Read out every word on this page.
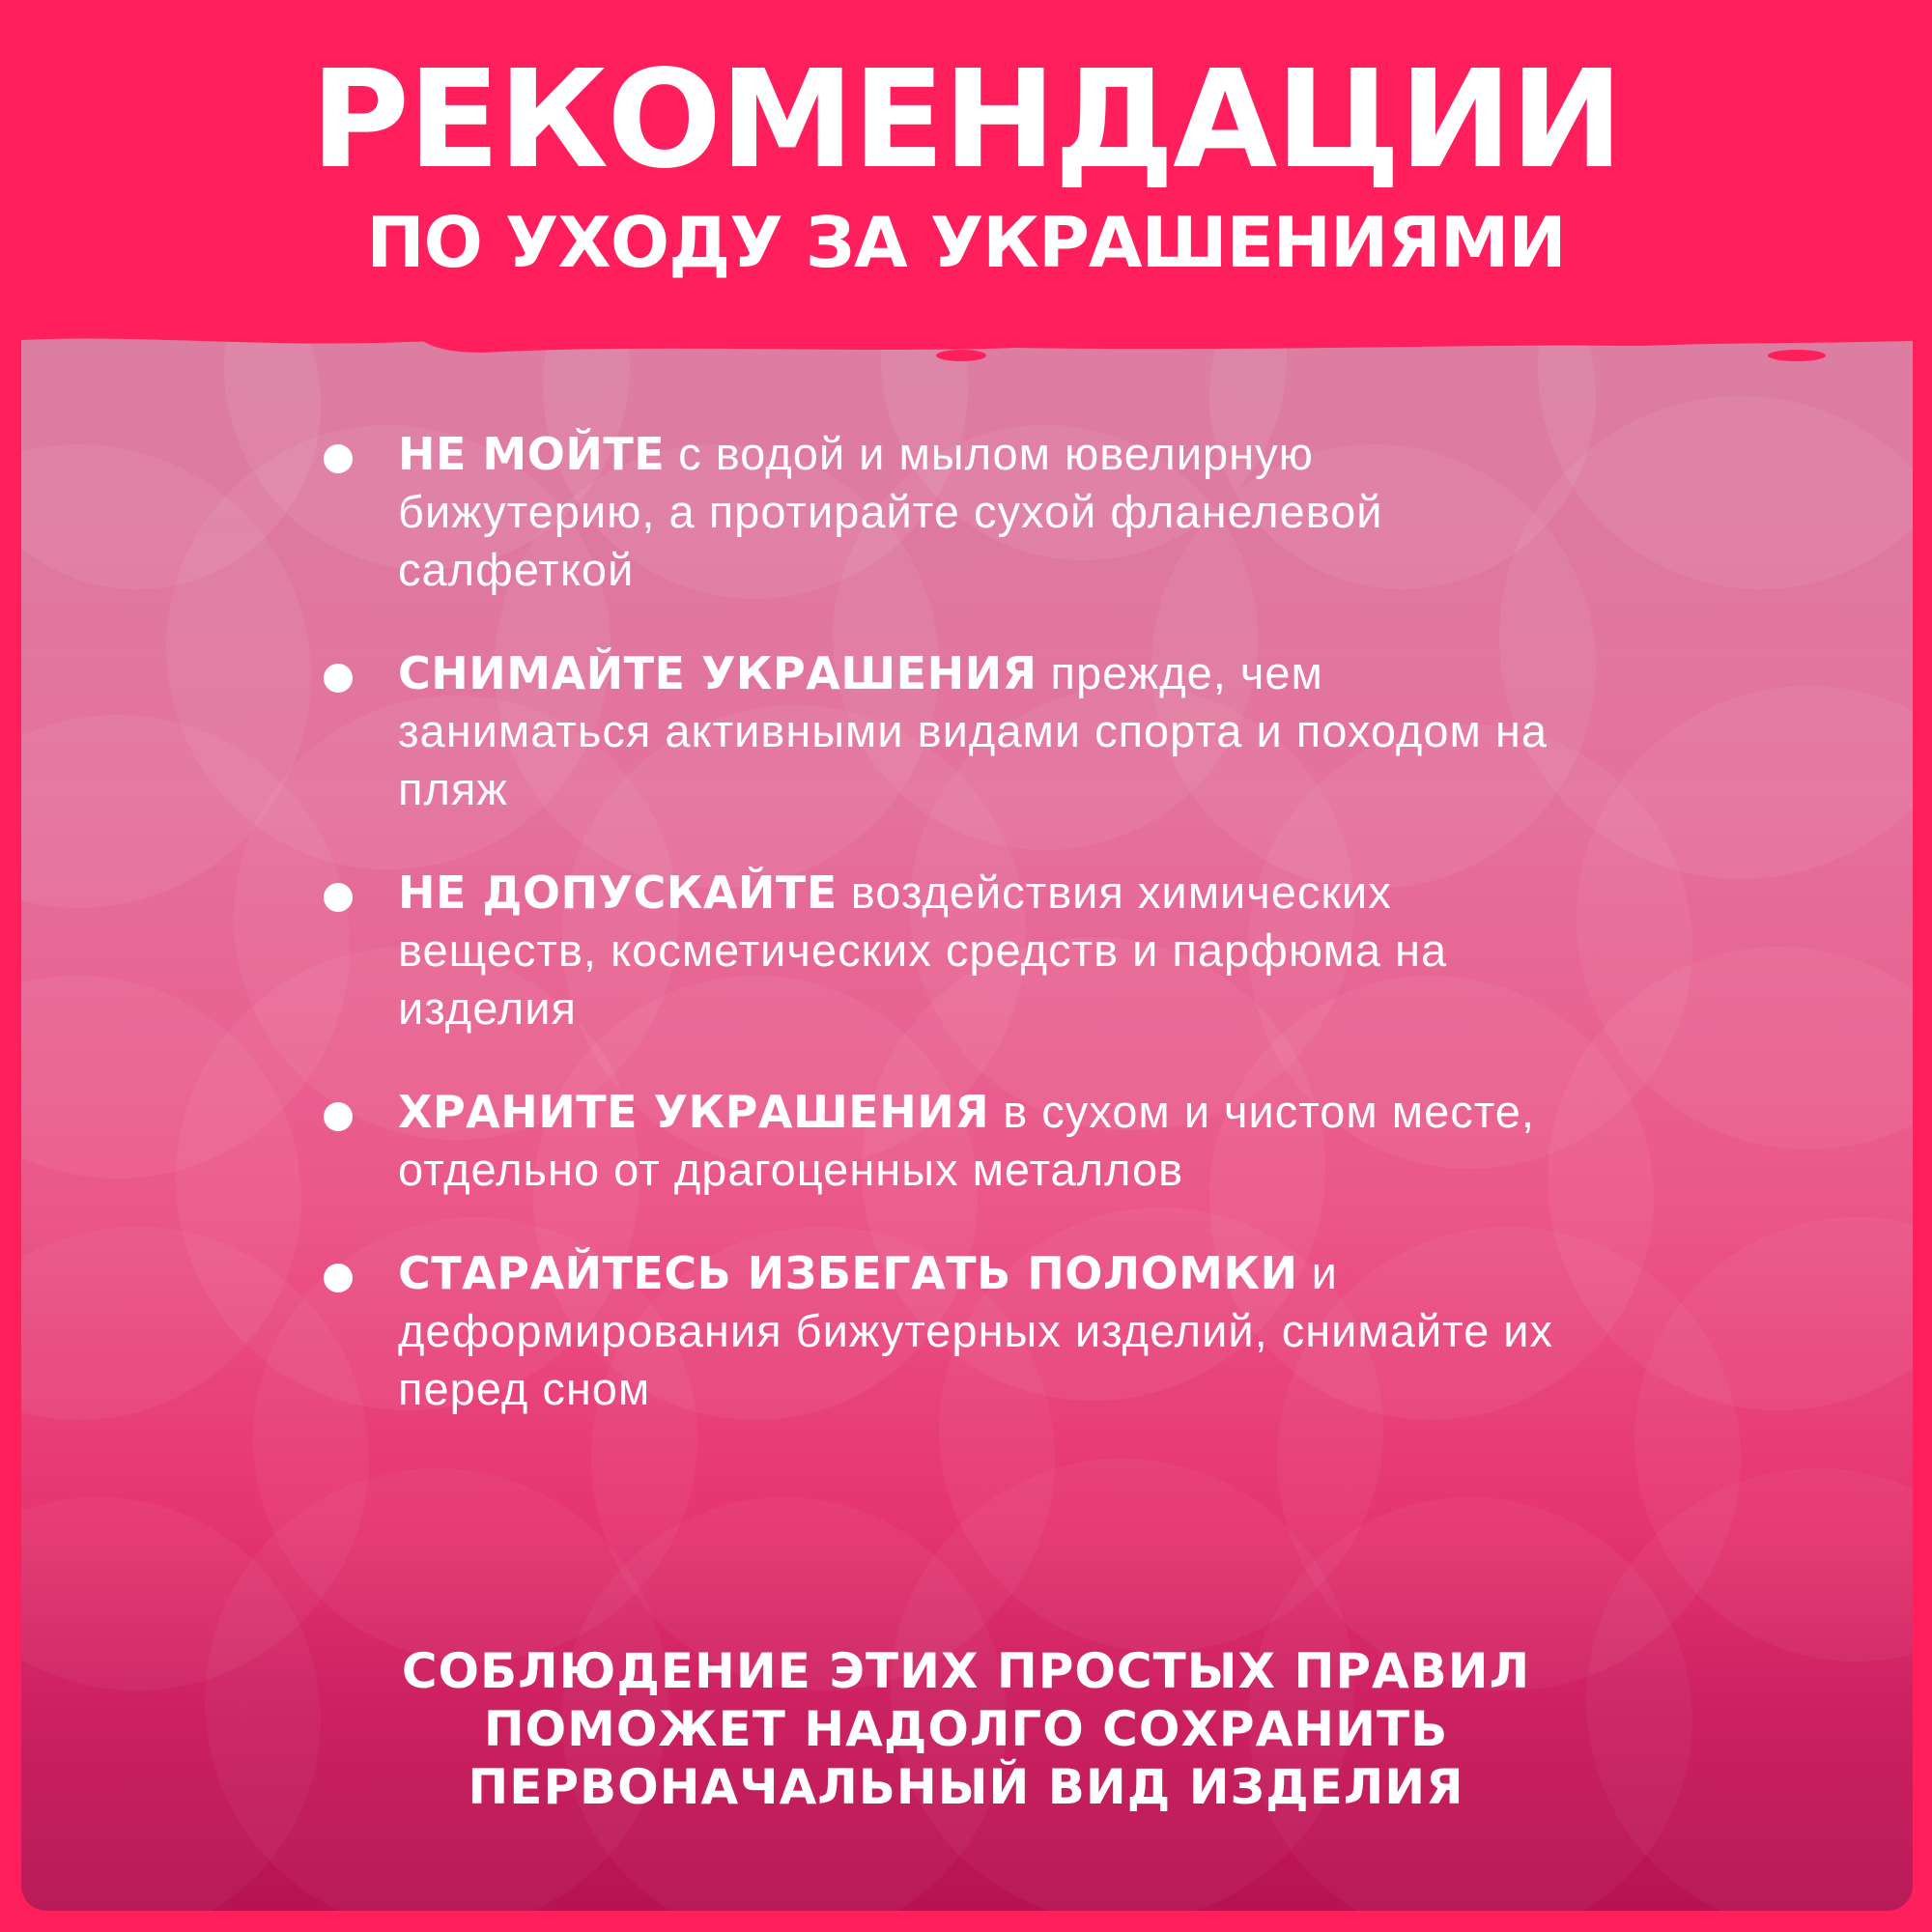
РЕКОМЕНДАЦИИ
ПО УХОДУ ЗА УКРАШЕНИЯМИ
НЕ МОЙТЕ с водой и мылом ювелирную бижутерию, а протирайте сухой фланелевой салфеткой
СНИМАЙТЕ УКРАШЕНИЯ прежде, чем заниматься активными видами спорта и походом на пляж
НЕ ДОПУСКАЙТЕ воздействия химических веществ, косметических средств и парфюма на изделия
ХРАНИТЕ УКРАШЕНИЯ в сухом и чистом месте, отдельно от драгоценных металлов
СТАРАЙТЕСЬ ИЗБЕГАТЬ ПОЛОМКИ и деформирования бижутерных изделий, снимайте их перед сном
СОБЛЮДЕНИЕ ЭТИХ ПРОСТЫХ ПРАВИЛ
ПОМОЖЕТ НАДОЛГО СОХРАНИТЬ
ПЕРВОНАЧАЛЬНЫЙ ВИД ИЗДЕЛИЯ
